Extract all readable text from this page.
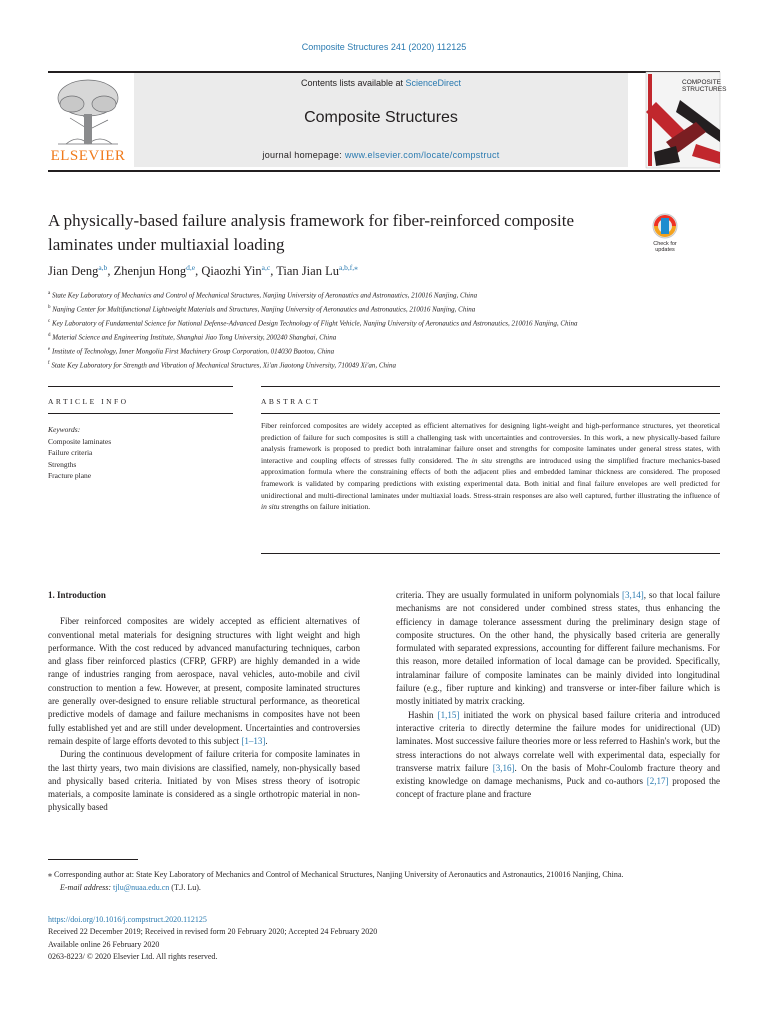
Composite Structures 241 (2020) 112125
ELSEVIER
Contents lists available at ScienceDirect
Composite Structures
journal homepage: www.elsevier.com/locate/compstruct
COMPOSITE
STRUCTURES
A physically-based failure analysis framework for fiber-reinforced composite laminates under multiaxial loading	Check for
updates
Jian Deng$^{a,b}$, Zhenjun Hong$^{d,e}$, Qiaozhi Yin$^{a,c}$, Tian Jian $Lu^{a,b,f,⁎}$
$^a$ State Key Laboratory of Mechanics and Control of Mechanical Structures, Nanjing University of Aeronautics and Astronautics, 210016 Nanjing, China
$^b$ Nanjing Center for Multifunctional Lightweight Materials and Structures, Nanjing University of Aeronautics and Astronautics, 210016 Nanjing, China
$^c$ Key Laboratory of Fundamental Science for National Defense-Advanced Design Technology of Flight Vehicle, Nanjing University of Aeronautics and Astronautics, 210016 Nanjing, China
$^d$ Material Science and Engineering Institute, Shanghai Jiao Tong University, 200240 Shanghai, China
$^e$ Institute of Technology, Inner Mongolia First Machinery Group Corporation, 014030 Baotou, China
$^f$ State Key Laboratory for Strength and Vibration of Mechanical Structures, Xi'an Jiaotong University, 710049 Xi'an, China
ARTICLE INFO	ABSTRACT
Keywords:
Composite laminates
Failure criteria
Strengths
Fracture plane
Fiber reinforced composites are widely accepted as efficient alternatives for designing light-weight and high-performance structures, yet theoretical prediction of failure for such composites is still a challenging task with uncertainties and controversies. In this work, a new physically-based failure analysis framework is proposed to predict both intralaminar failure onset and strengths for composite laminates under general stress states, with interactive and coupling effects of stresses fully considered. The in situ strengths are introduced using the simplified fracture mechanics-based approximation formula where the constraining effects of both the adjacent plies and embedded laminar thickness are considered. The proposed framework is validated by comparing predictions with existing experimental data. Both initial and final failure envelopes are well predicted for unidirectional and multi-directional laminates under multiaxial loads. Stress-strain responses are also well captured, further illustrating the influence of in situ strengths on failure initiation.
1. Introduction

Fiber reinforced composites are widely accepted as efficient alternatives of conventional metal materials for designing structures with light weight and high performance. With the cost reduced by advanced manufacturing techniques, carbon and glass fiber reinforced plastics (CFRP, GFRP) are highly demanded in a wide range of industries ranging from aerospace, naval vehicles, auto-mobile and civil construction to mention a few. However, at present, composite laminated structures are generally over-designed to ensure reliable structural performance, as theoretical predictive models of damage and failure mechanisms in composites have not been fully established yet and are still under development. Uncertainties and controversies remain despite of large efforts devoted to this subject [1–13].

During the continuous development of failure criteria for composite laminates in the last thirty years, two main divisions are classified, namely, non-physically based and physically based criteria. Initiated by von Mises stress theory of isotropic materials, a composite laminate is considered as a single orthotropic material in non-physically based

criteria. They are usually formulated in uniform polynomials [3,14], so that local failure mechanisms are not considered under combined stress states, thus enhancing the efficiency in damage tolerance assessment during the preliminary design stage of composite structures. On the other hand, the physically based criteria are generally formulated with separated expressions, accounting for different failure mechanisms. For this reason, more detailed information of local damage can be provided. Specifically, intralaminar failure of composite laminates can be mainly divided into longitudinal failure (e.g., fiber rupture and kinking) and transverse or inter-fiber failure which is mostly initiated by matrix cracking.

Hashin [1,15] initiated the work on physical based failure criteria and introduced interactive criteria to directly determine the failure modes for unidirectional (UD) laminates. Most successive failure theories more or less referred to Hashin's work, but the stress interactions do not always correlate well with experimental data, especially for transverse matrix failure [3,16]. On the basis of Mohr-Coulomb fracture theory and existing knowledge on damage mechanisms, Puck and co-authors [2,17] proposed the concept of fracture plane and fracture

⁎ Corresponding author at: State Key Laboratory of Mechanics and Control of Mechanical Structures, Nanjing University of Aeronautics and Astronautics, 210016 Nanjing, China.
E-mail address: tjlu@nuaa.edu.cn (T.J. Lu).
https://doi.org/10.1016/j.compstruct.2020.112125
Received 22 December 2019; Received in revised form 20 February 2020; Accepted 24 February 2020
Available online 26 February 2020
0263-8223/ © 2020 Elsevier Ltd. All rights reserved.
